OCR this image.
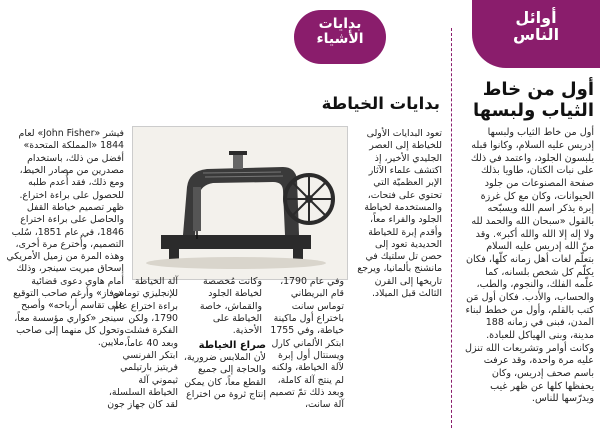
أوائل
الناس
بدايات
الأشياء
أول من خاط
الثياب ولبسها

أول من خاط الثياب ولبسها إدريس عليه السلام، وكانوا قبله يلبسون الجلود، واعتمد في ذلك على نبات الكتان، طاويا بذلك صفحة المصنوعات من جلود الحيوانات، وكان مع كل غرزة إبرة يذكر اسم الله ويسبّحه بالقول «سبحان الله والحمد لله ولا إله إلا الله والله أكبر». وقد منّ الله إدريس عليه السلام بتعلّم لغات أهل زمانه كلّها، فكان يكلّم كل شخص بلسانه، كما علّمه الفلك، والنجوم، والطب، والحساب، والأدب. فكان أول مَن كتب بالقلم، وأول من خطط لبناء المدن، فبنى في زمانه 188 مدينة، وبنى الهياكل للعبادة. وكانت أوامر وتشريعات الله تنزل عليه مرة واحدة، وقد عرفت باسم صحف إدريس، وكان يحفظها كلها عن ظهر غيب ويدرّسها للناس.

بدايات الخياطة

تعود البدايات الأولى للخياطة إلى العصر الجليدي الأخير، إذ اكتشف علماء الآثار الإبر العظميّة التي تحتوي على فتحات، والمستخدمة لخياطة الجلود والفراء معاً، وأقدم إبرة للخياطة الحديدية تعود إلى حصن تل سلتيك في مانشنج بألمانيا، ويرجع تاريخها إلى القرن الثالث قبل الميلاد.

وفي عام 1790، قام البريطاني توماس سانت باختراع أول ماكينة خياطة، وفي 1755 ابتكر الألماني كارل ويسنتال أول إبرة لآلة الخياطة، ولكنه لم ينتج آلة كاملة، وبعد ذلك تمّ تصميم آلة سانت،

وكانت مُخصصة لخياطة الجلود والقماش، خاصة الخياطة على الأحذية.

صراع الخياطة

لأن الملابس ضرورية، والحاجة إلى جميع القطع معاً، كان يمكن إنتاج ثروة من اختراع

آلة الخياطة للإنجليزي توماس براءة اختراع عام 1790، ولكن الفكرة فشلت. وبعد 40 عاماً، ابتكر الفرنسي فريتيز بارتيلمي ثيموني آلة الخياطة السلسلة، لقد كان جهاز جون

فيشر «John Fisher» لعام 1844 «المملكة المتحدة» أفضل من ذلك، باستخدام مصدرين من مصادر الخيط، ومع ذلك، فقد أُعدم طلبه للحصول على براءة اختراع. ظهر تصميم خياطة القفل والحاصل على براءة اختراع 1846، في عام 1851، سُلب التصميم، وأُخترع مرة أخرى، وهذه المرة من زميل الأمريكي إسحاق ميريت سينجر، وذلك أمام هاوي دعوى قضائية «وفاز» وأرغم صاحب التوقيع على تقاسم أرباحه» وأصبح سينجر «كواري مؤسسة معاً، وتحول كل منهما إلى صاحب ملايين.
